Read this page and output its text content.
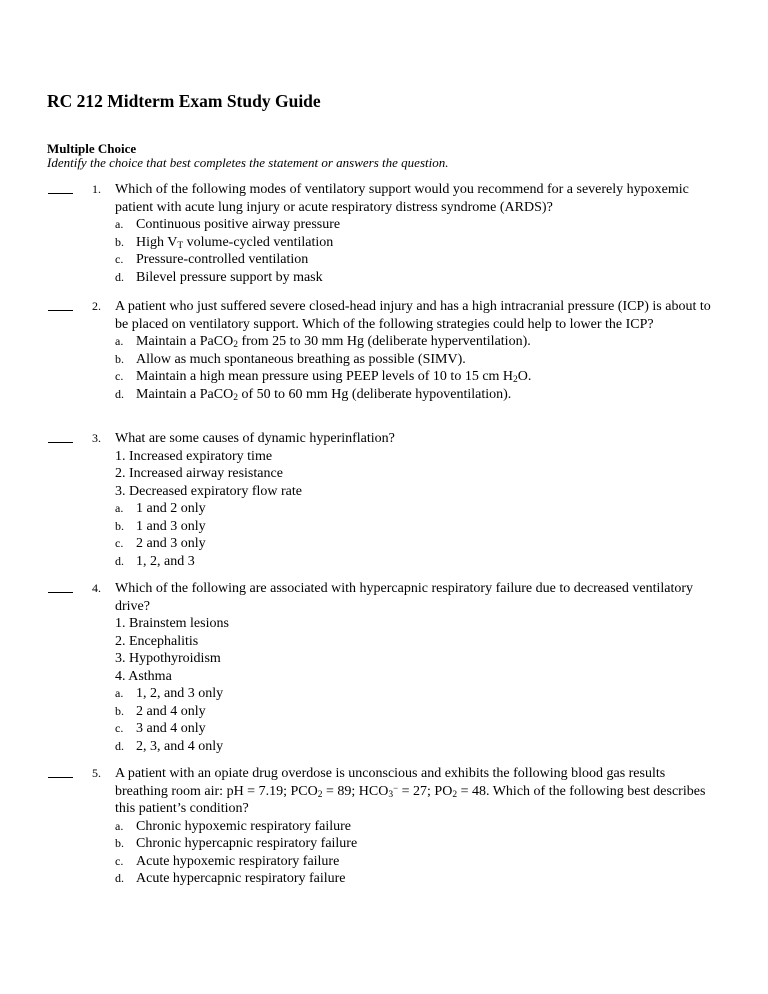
RC 212 Midterm Exam Study Guide
Multiple Choice
Identify the choice that best completes the statement or answers the question.
1. Which of the following modes of ventilatory support would you recommend for a severely hypoxemic patient with acute lung injury or acute respiratory distress syndrome (ARDS)?

a. Continuous positive airway pressure
b. High $V_T$ volume-cycled ventilation
c. Pressure-controlled ventilation
d. Bilevel pressure support by mask
2. A patient who just suffered severe closed-head injury and has a high intracranial pressure (ICP) is about to be placed on ventilatory support. Which of the following strategies could help to lower the ICP?

a. Maintain a PaCO$_2$ from 25 to 30 mm Hg (deliberate hyperventilation).
b. Allow as much spontaneous breathing as possible (SIMV).
c. Maintain a high mean pressure using PEEP levels of 10 to 15 cm $H_2O$.
d. Maintain a PaCO$_2$ of 50 to 60 mm Hg (deliberate hypoventilation).
3. What are some causes of dynamic hyperinflation?

1. Increased expiratory time

2. Increased airway resistance

3. Decreased expiratory flow rate

a. 1 and 2 only
b. 1 and 3 only
c. 2 and 3 only
d. 1, 2, and 3
4. Which of the following are associated with hypercapnic respiratory failure due to decreased ventilatory drive?

1. Brainstem lesions

2. Encephalitis

3. Hypothyroidism

4. Asthma

a. 1, 2, and 3 only
b. 2 and 4 only
c. 3 and 4 only
d. 2, 3, and 4 only
5. A patient with an opiate drug overdose is unconscious and exhibits the following blood gas results breathing room air: pH = 7.19; $PCO_2 = 89$; $HCO_3^- = 27$; $PO_2 = 48$. Which of the following best describes this patient’s condition?

a. Chronic hypoxemic respiratory failure
b. Chronic hypercapnic respiratory failure
c. Acute hypoxemic respiratory failure
d. Acute hypercapnic respiratory failure
